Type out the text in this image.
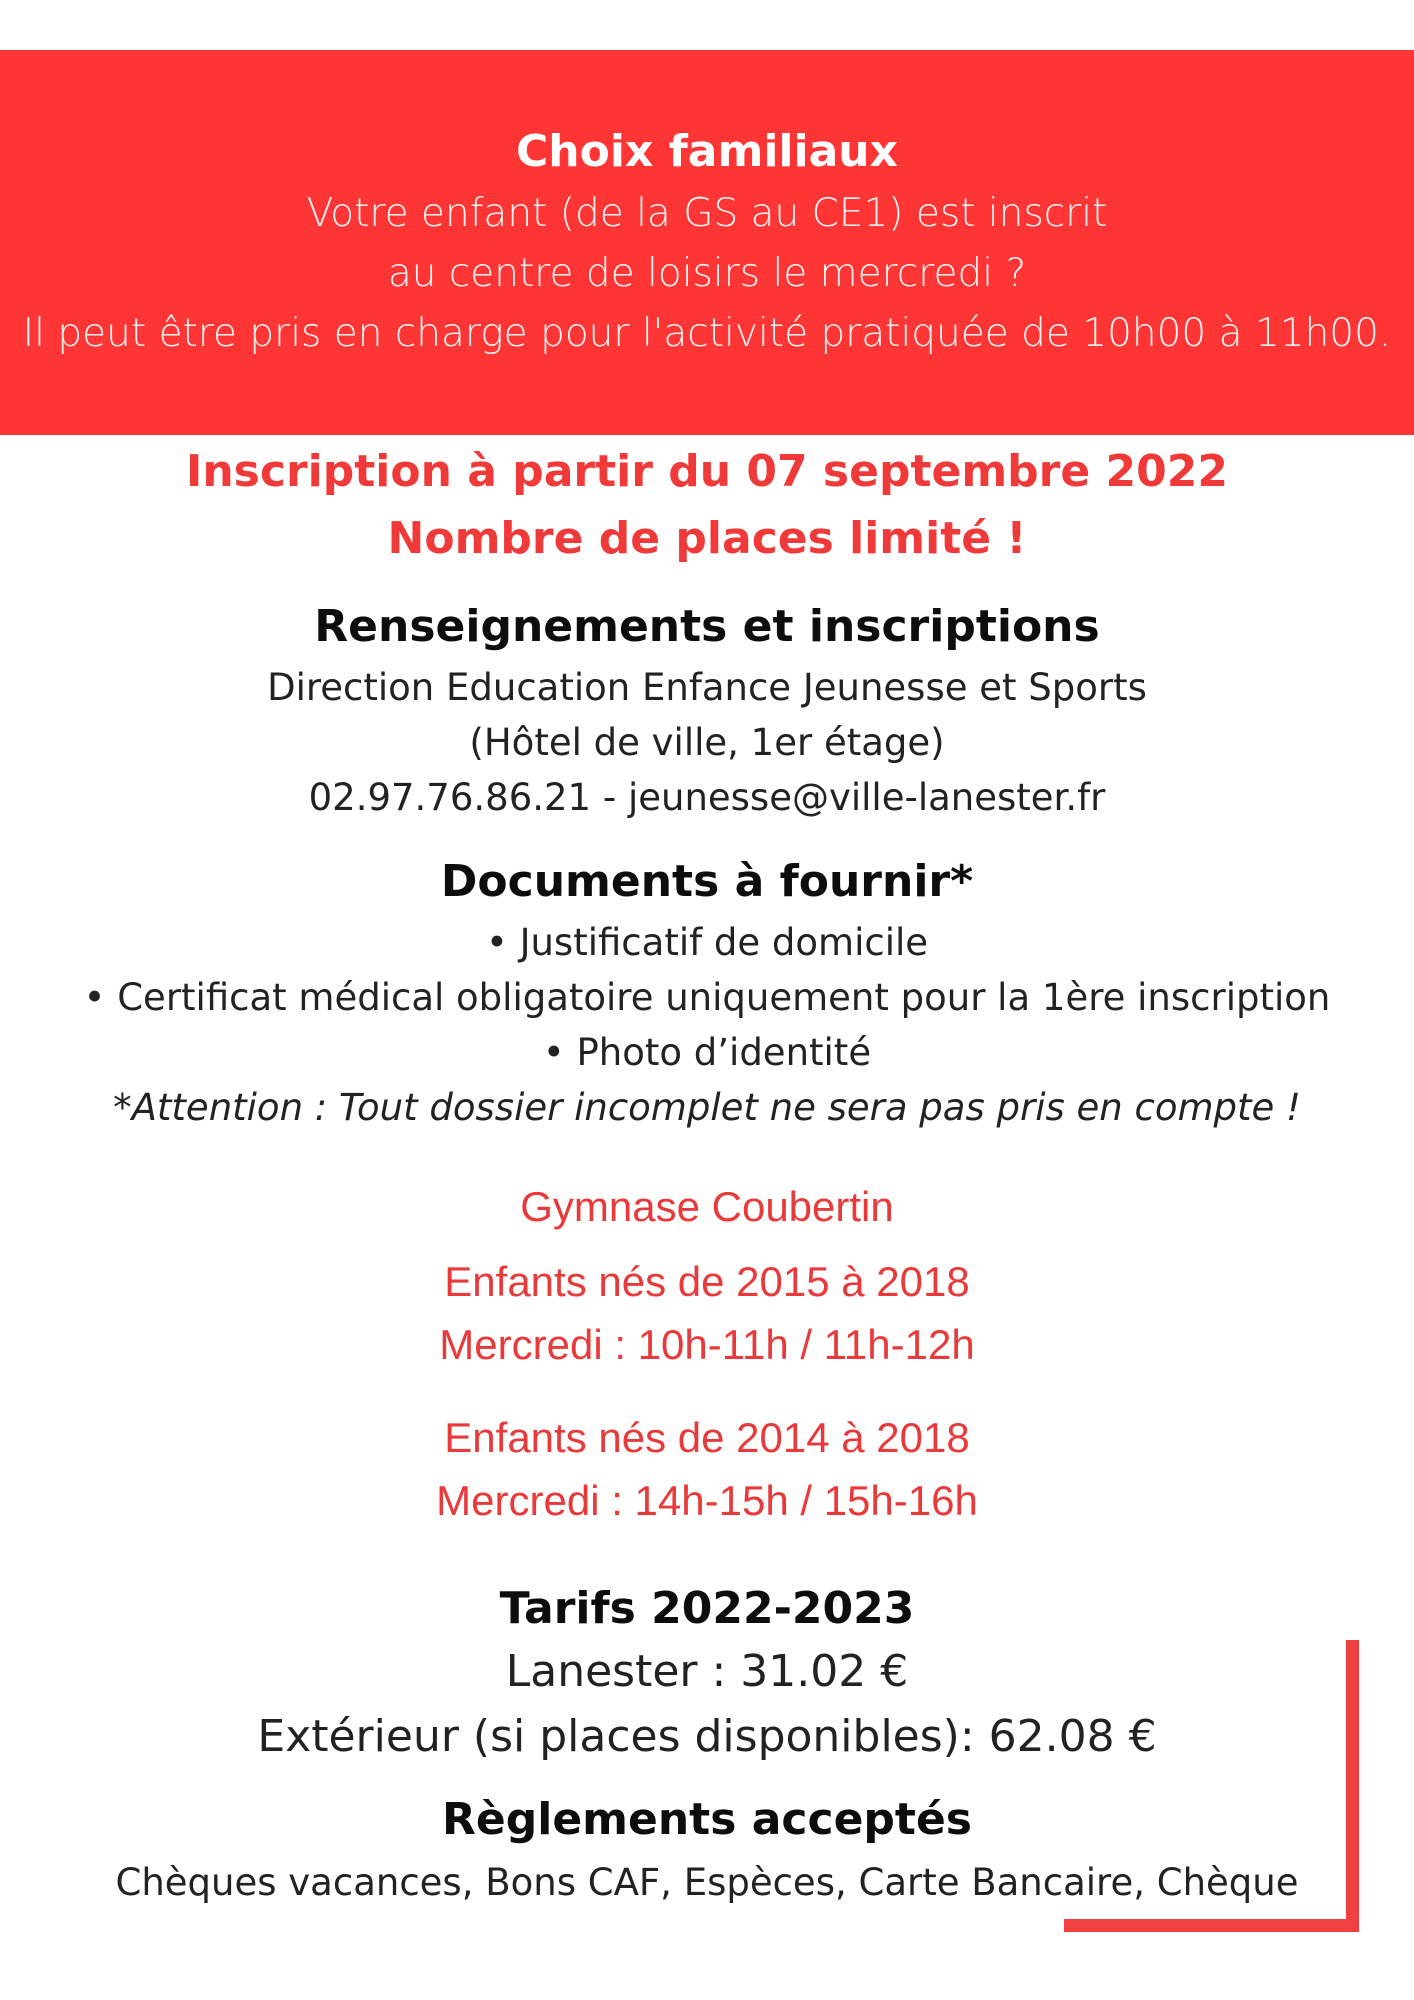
Choix familiaux
Votre enfant (de la GS au CE1) est inscrit
au centre de loisirs le mercredi ?
Il peut être pris en charge pour l'activité pratiquée de 10h00 à 11h00.
Inscription à partir du 07 septembre 2022
Nombre de places limité !
Renseignements et inscriptions
Direction Education Enfance Jeunesse et Sports
(Hôtel de ville, 1er étage)
02.97.76.86.21 - jeunesse@ville-lanester.fr
Documents à fournir*
• Justificatif de domicile
• Certificat médical obligatoire uniquement pour la 1ère inscription
• Photo d’identité
*Attention : Tout dossier incomplet ne sera pas pris en compte !
Gymnase Coubertin
Enfants nés de 2015 à 2018
Mercredi : 10h-11h / 11h-12h
Enfants nés de 2014 à 2018
Mercredi : 14h-15h / 15h-16h
Tarifs 2022-2023
Lanester : 31.02 €
Extérieur (si places disponibles): 62.08 €
Règlements acceptés
Chèques vacances, Bons CAF, Espèces, Carte Bancaire, Chèque
